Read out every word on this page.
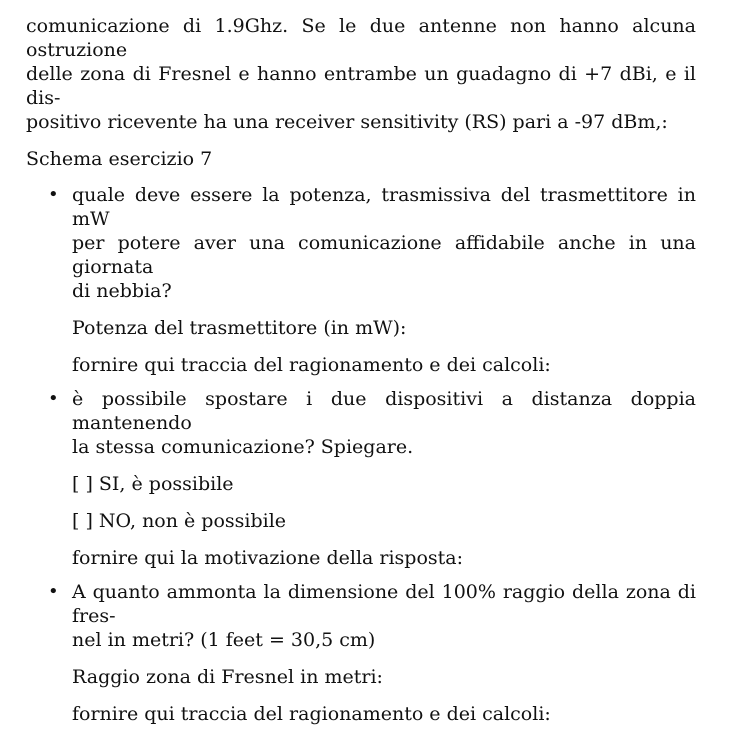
comunicazione di 1.9Ghz. Se le due antenne non hanno alcuna ostruzione
delle zona di Fresnel e hanno entrambe un guadagno di +7 dBi, e il dis-
positivo ricevente ha una receiver sensitivity (RS) pari a -97 dBm,:

Schema esercizio 7

• quale deve essere la potenza, trasmissiva del trasmettitore in mW
per potere aver una comunicazione affidabile anche in una giornata
di nebbia?
Potenza del trasmettitore (in mW):
fornire qui traccia del ragionamento e dei calcoli:
• è possibile spostare i due dispositivi a distanza doppia mantenendo
la stessa comunicazione? Spiegare.
[ ] SI, è possibile
[ ] NO, non è possibile
fornire qui la motivazione della risposta:
• A quanto ammonta la dimensione del 100% raggio della zona di fres-
nel in metri? (1 feet = 30,5 cm)
Raggio zona di Fresnel in metri:
fornire qui traccia del ragionamento e dei calcoli:
